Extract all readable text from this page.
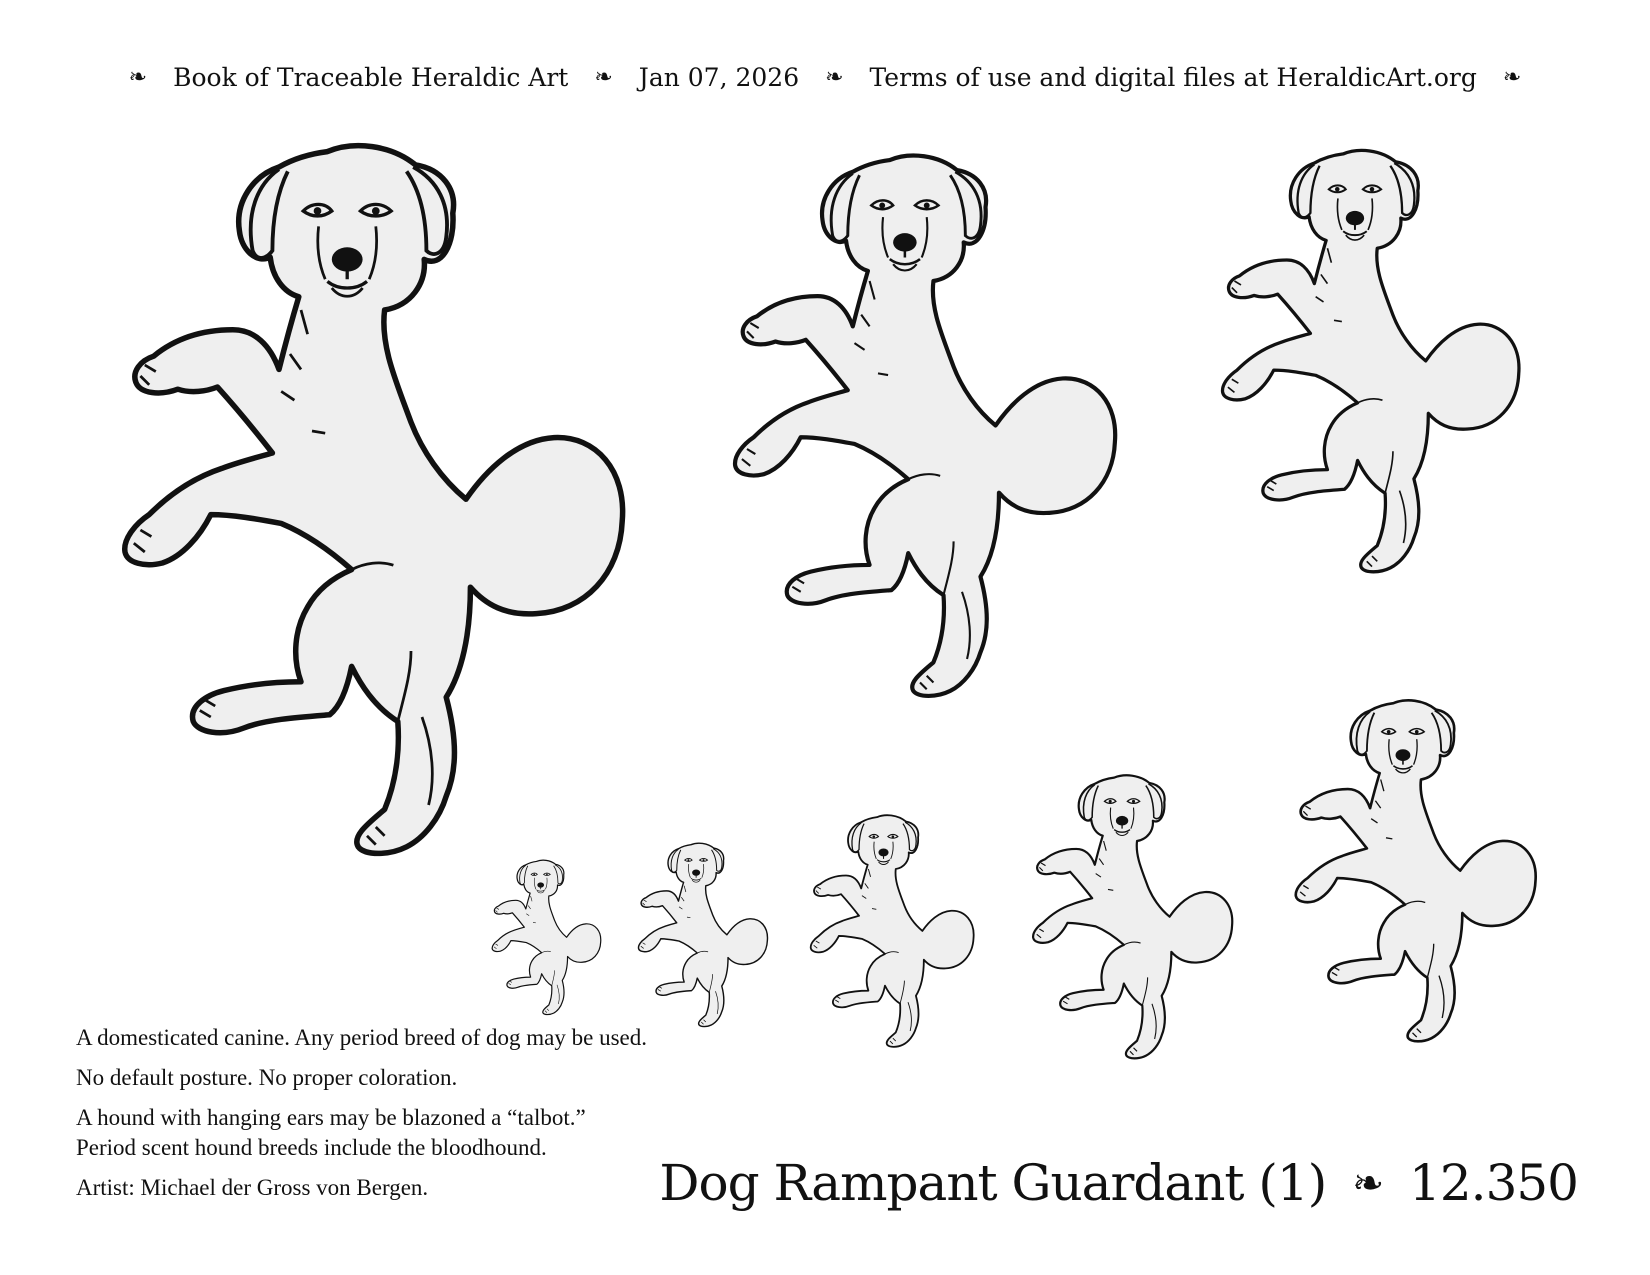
❧ Book of Traceable Heraldic Art ❧ Jan 07, 2026 ❧ Terms of use and digital files at HeraldicArt.org ❧

A domesticated canine. Any period breed of dog may be used.

No default posture. No proper coloration.

A hound with hanging ears may be blazoned a “talbot.”
Period scent hound breeds include the bloodhound.

Artist: Michael der Gross von Bergen.	Dog Rampant Guardant (1) ❧ 12.350
